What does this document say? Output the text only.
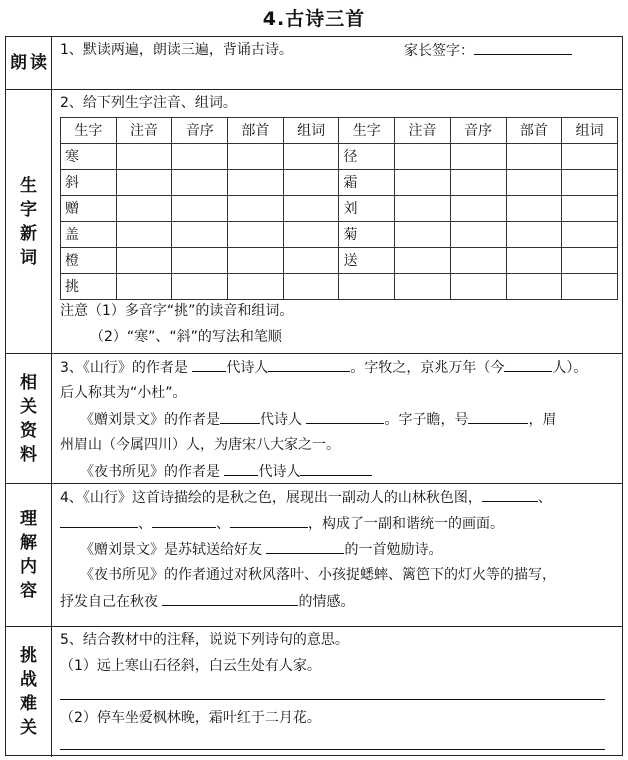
4.古诗三首
朗 读
1、默读两遍，朗读三遍，背诵古诗。	家长签字：
生
字
新
词
2、给下列生字注音、组词。
生字	注音	音序	部首	组词	生字	注音	音序	部首	组词
寒					径				
斜					霜				
赠					刘				
盖					菊				
橙					送				
挑									
注意（1）多音字“挑”的读音和组词。
（2）“寒”、“斜”的写法和笔顺
相
关
资
料
3、《山行》的作者是 代诗人	。字牧之，京兆万年（今	人）。
后人称其为“小杜”。
《赠刘景文》的作者是	代诗人	。字子瞻，号	，眉
州眉山（今属四川）人，为唐宋八大家之一。
《夜书所见》的作者是 代诗人
理
解
内
容
4、《山行》这首诗描绘的是秋之色，展现出一副动人的山林秋色图，	、
、	、	，构成了一副和谐统一的画面。
《赠刘景文》是苏轼送给好友	的一首勉励诗。
《夜书所见》的作者通过对秋风落叶、小孩捉蟋蟀、篱笆下的灯火等的描写，
抒发自己在秋夜	的情感。
挑
战
难
关
5、结合教材中的注释，说说下列诗句的意思。
（1）远上寒山石径斜，白云生处有人家。
（2）停车坐爱枫林晚，霜叶红于二月花。
